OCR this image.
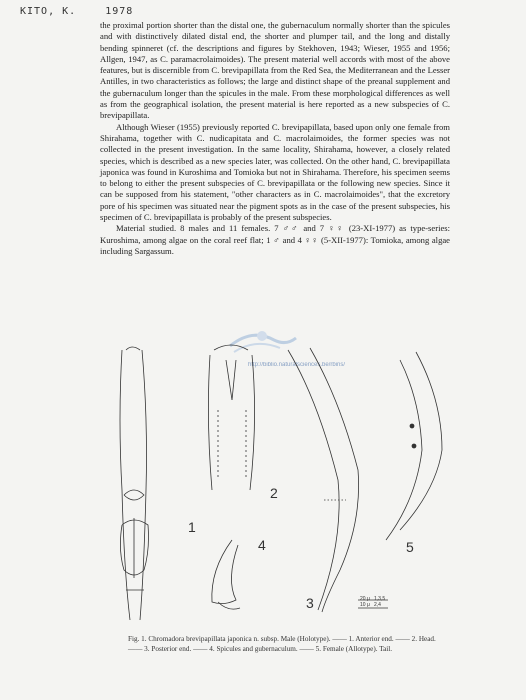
KITO, K.	1978

the proximal portion shorter than the distal one, the gubernaculum normally shorter than the spicules and with distinctively dilated distal end, the shorter and plumper tail, and the long and distally bending spinneret (cf. the descriptions and figures by Stekhoven, 1943; Wieser, 1955 and 1956; Allgen, 1947, as C. paramacrolaimoides). The present material well accords with most of the above features, but is discernible from C. brevipapillata from the Red Sea, the Mediterranean and the Lesser Antilles, in two characteristics as follows; the large and distinct shape of the preanal supplement and the gubernaculum longer than the spicules in the male. From these morphological differences as well as from the geographical isolation, the present material is here reported as a new subspecies of C. brevipapillata.

Although Wieser (1955) previously reported C. brevipapillata, based upon only one female from Shirahama, together with C. nudicapitata and C. macrolaimoides, the former species was not collected in the present investigation. In the same locality, Shirahama, however, a closely related species, which is described as a new species later, was collected. On the other hand, C. brevipapillata japonica was found in Kuroshima and Tomioka but not in Shirahama. Therefore, his specimen seems to belong to either the present subspecies of C. brevipapillata or the following new species. Since it can be supposed from his statement, "other characters as in C. macrolaimoides", that the excretory pore of his specimen was situated near the pigment spots as in the case of the present subspecies, his specimen of C. brevipapillata is probably of the present subspecies.

Material studied. 8 males and 11 females. 7 ♂♂ and 7 ♀♀ (23-XI-1977) as type-series: Kuroshima, among algae on the coral reef flat; 1 ♂ and 4 ♀♀ (5-XII-1977): Tomioka, among algae including Sargassum.

http://biblio.naturalsciences.be/rbins/
1
2
3
4	5
20 μ 1,3,5
10 μ 2,4
Fig. 1. Chromadora brevipapillata japonica n. subsp. Male (Holotype). —— 1. Anterior end. —— 2. Head. —— 3. Posterior end. —— 4. Spicules and gubernaculum. —— 5. Female (Allotype). Tail.
